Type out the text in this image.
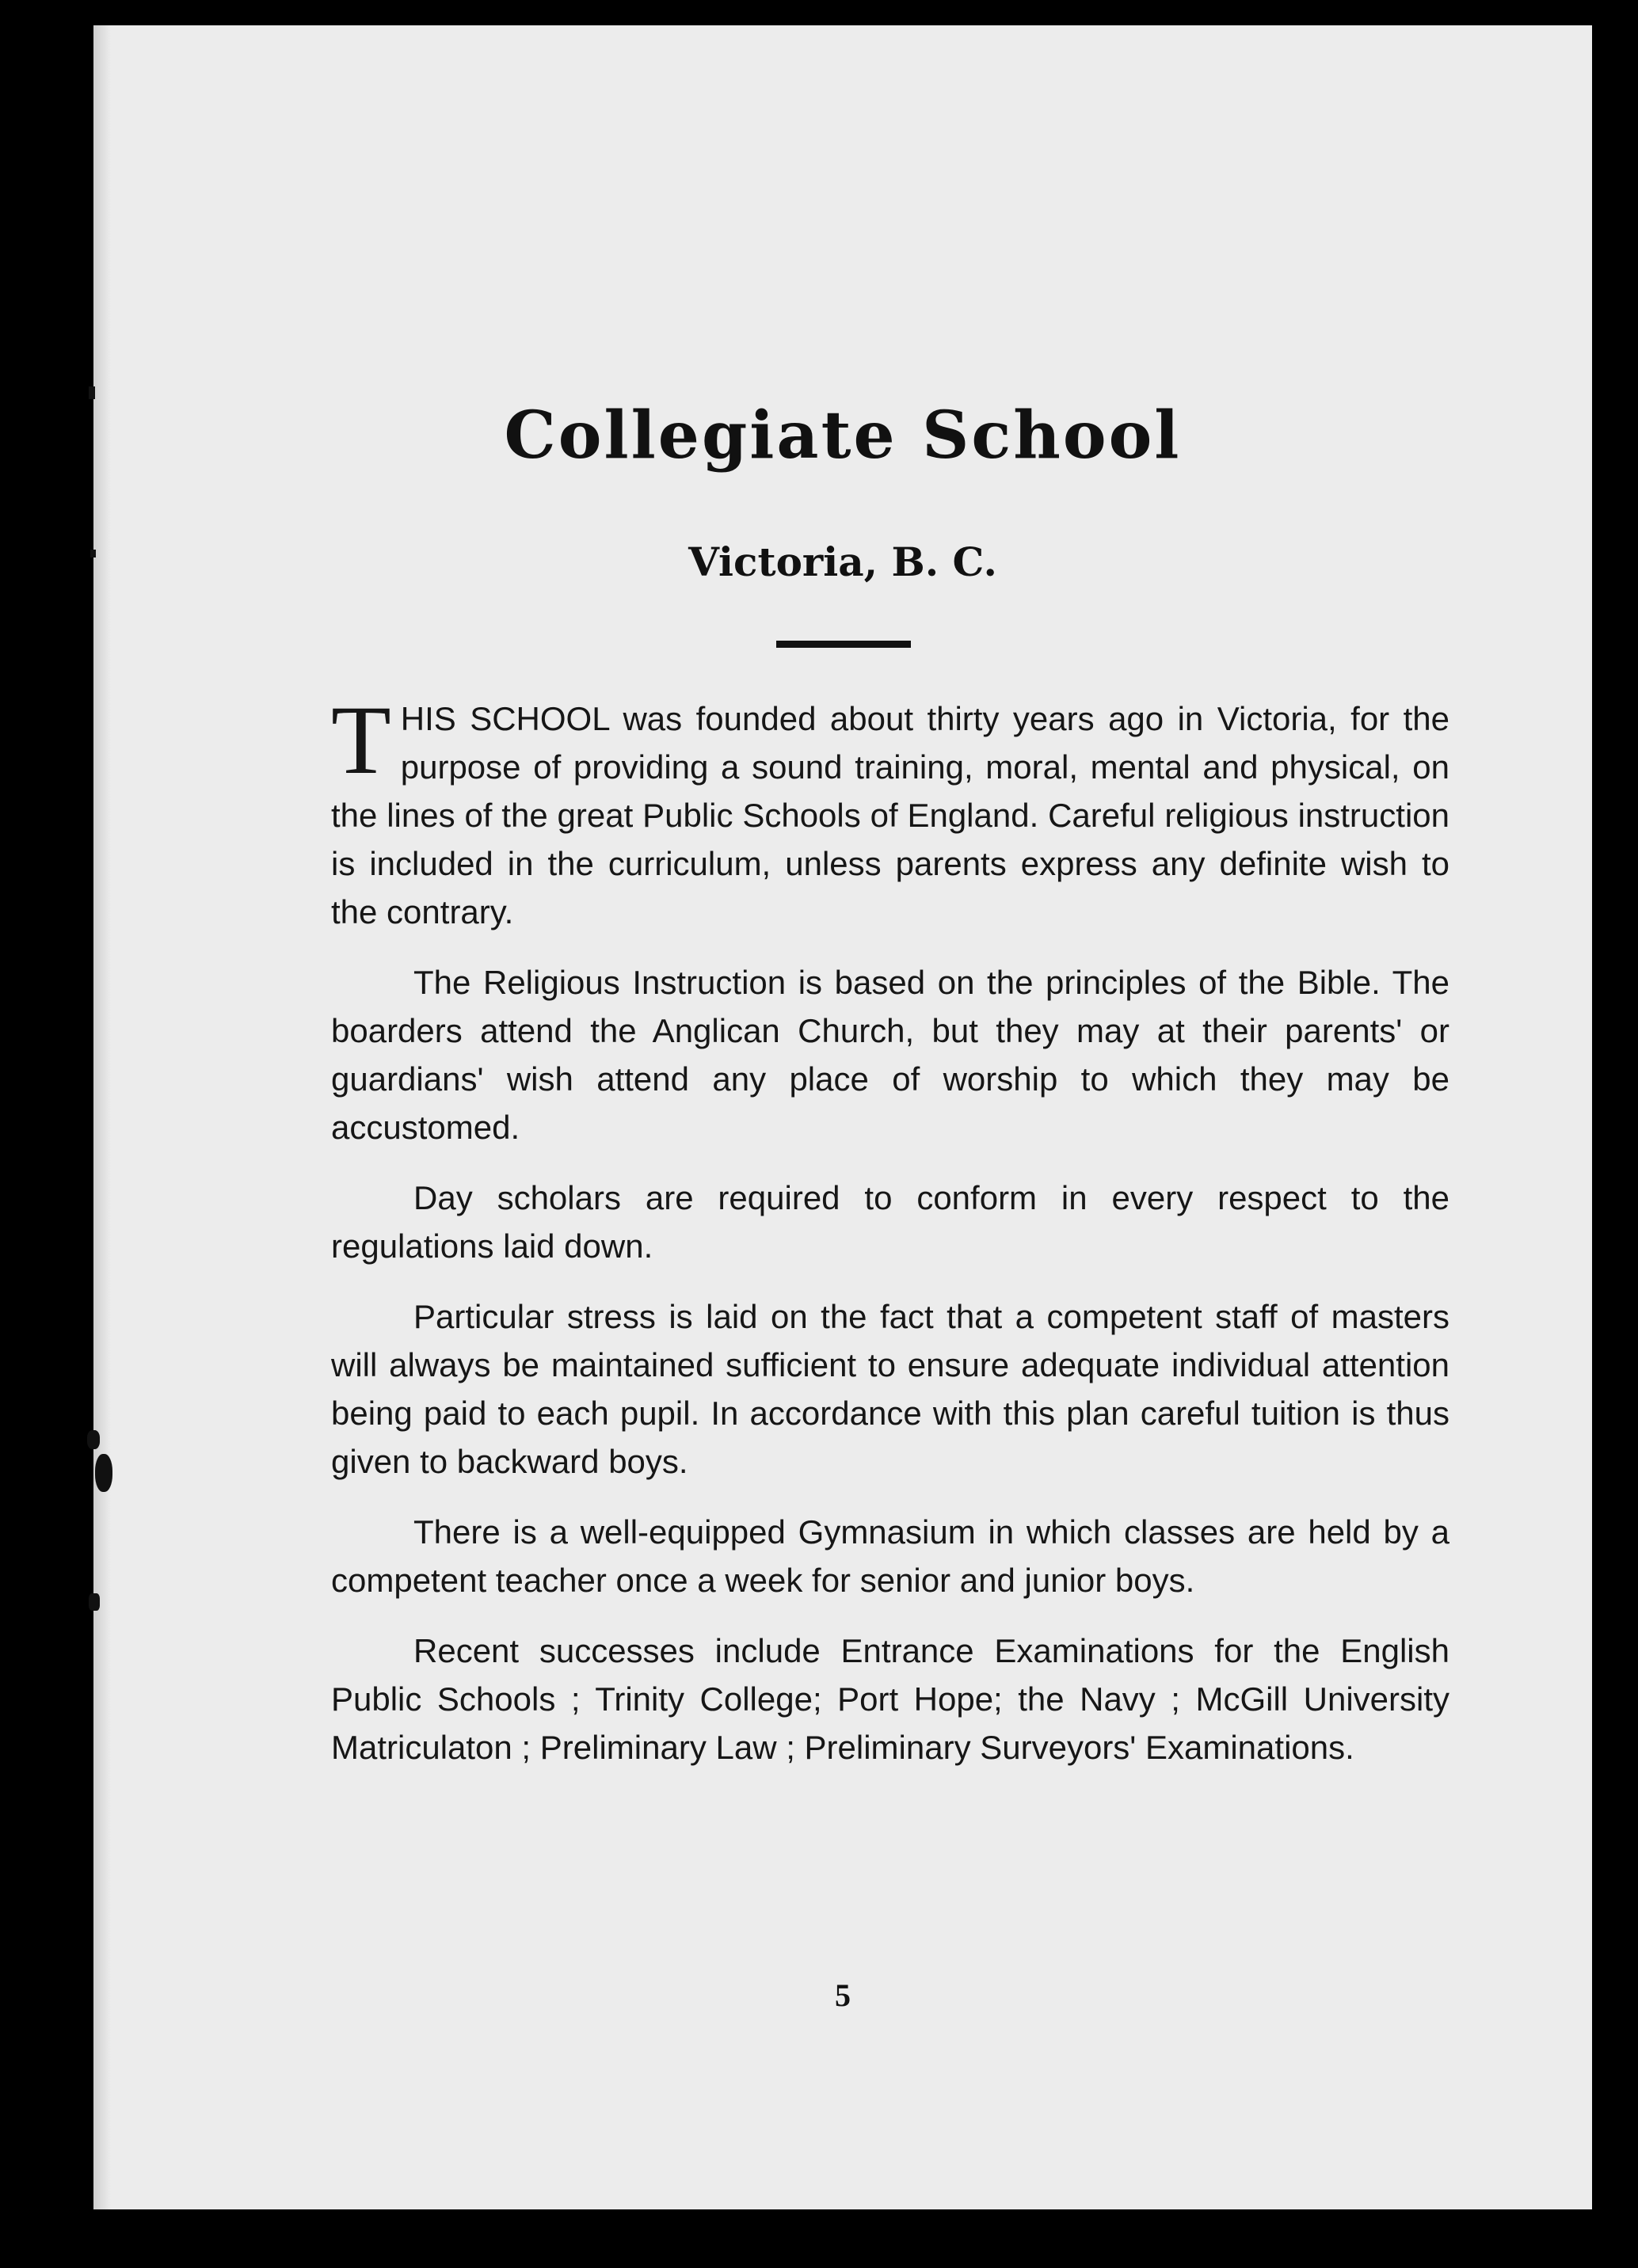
Collegiate School
Victoria, B. C.

THIS SCHOOL was founded about thirty years ago in Victoria, for the purpose of providing a sound training, moral, mental and physical, on the lines of the great Public Schools of England. Careful religious instruction is included in the curriculum, unless parents express any definite wish to the contrary.

The Religious Instruction is based on the principles of the Bible. The boarders attend the Anglican Church, but they may at their parents' or guardians' wish attend any place of worship to which they may be accustomed.

Day scholars are required to conform in every respect to the regulations laid down.

Particular stress is laid on the fact that a competent staff of masters will always be maintained sufficient to ensure adequate individual attention being paid to each pupil. In accordance with this plan careful tuition is thus given to backward boys.

There is a well-equipped Gymnasium in which classes are held by a competent teacher once a week for senior and junior boys.

Recent successes include Entrance Examinations for the English Public Schools ; Trinity College; Port Hope; the Navy ; McGill University Matriculaton ; Preliminary Law ; Preliminary Surveyors' Examinations.

5
